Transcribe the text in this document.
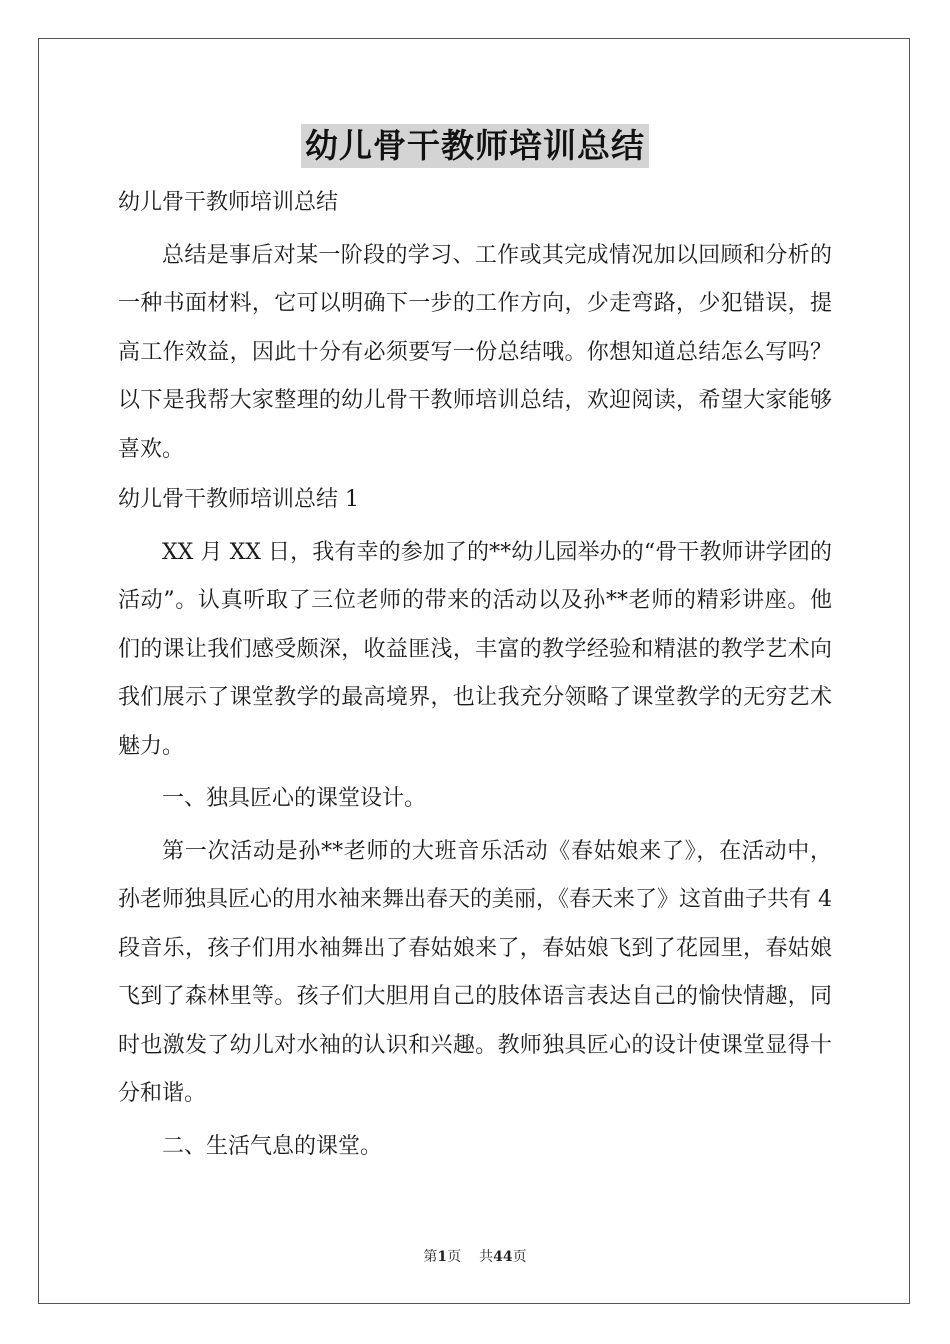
幼儿骨干教师培训总结
幼儿骨干教师培训总结

总结是事后对某一阶段的学习、工作或其完成情况加以回顾和分析的一种书面材料，它可以明确下一步的工作方向，少走弯路，少犯错误，提高工作效益，因此十分有必须要写一份总结哦。你想知道总结怎么写吗？以下是我帮大家整理的幼儿骨干教师培训总结，欢迎阅读，希望大家能够喜欢。

幼儿骨干教师培训总结 1

XX 月 XX 日，我有幸的参加了的**幼儿园举办的“骨干教师讲学团的活动”。认真听取了三位老师的带来的活动以及孙**老师的精彩讲座。他们的课让我们感受颇深，收益匪浅，丰富的教学经验和精湛的教学艺术向我们展示了课堂教学的最高境界，也让我充分领略了课堂教学的无穷艺术魅力。

一、独具匠心的课堂设计。

第一次活动是孙**老师的大班音乐活动《春姑娘来了》，在活动中，孙老师独具匠心的用水袖来舞出春天的美丽，《春天来了》这首曲子共有 4 段音乐，孩子们用水袖舞出了春姑娘来了，春姑娘飞到了花园里，春姑娘飞到了森林里等。孩子们大胆用自己的肢体语言表达自己的愉快情趣，同时也激发了幼儿对水袖的认识和兴趣。教师独具匠心的设计使课堂显得十分和谐。

二、生活气息的课堂。

第1页 共44页
